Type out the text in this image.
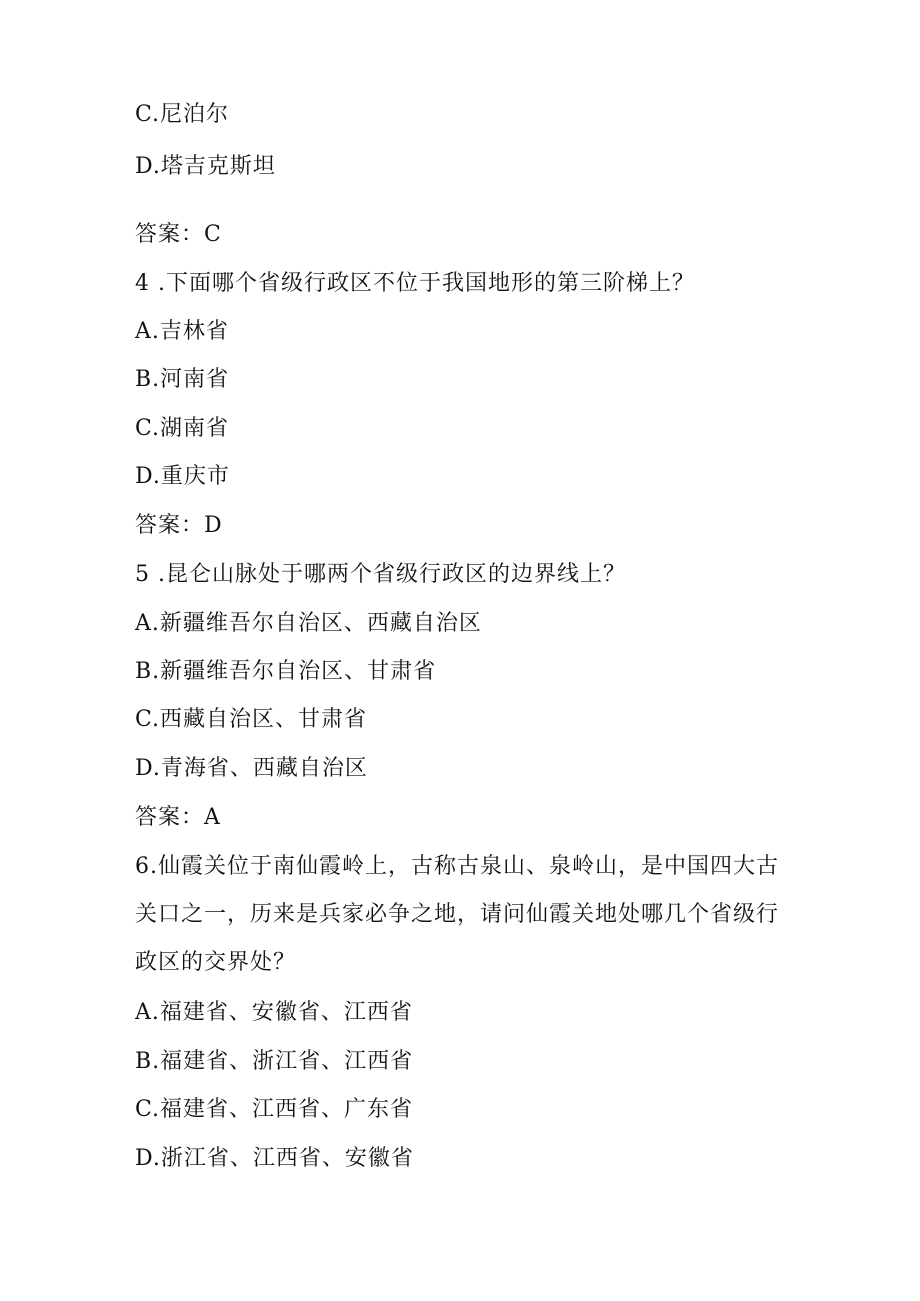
C.尼泊尔
D.塔吉克斯坦
答案：C
4 .下面哪个省级行政区不位于我国地形的第三阶梯上？
A.吉林省
B.河南省
C.湖南省
D.重庆市
答案：D
5 .昆仑山脉处于哪两个省级行政区的边界线上？
A.新疆维吾尔自治区、西藏自治区
B.新疆维吾尔自治区、甘肃省
C.西藏自治区、甘肃省
D.青海省、西藏自治区
答案：A
6.仙霞关位于南仙霞岭上，古称古泉山、泉岭山，是中国四大古关口之一，历来是兵家必争之地，请问仙霞关地处哪几个省级行政区的交界处？
A.福建省、安徽省、江西省
B.福建省、浙江省、江西省
C.福建省、江西省、广东省
D.浙江省、江西省、安徽省
